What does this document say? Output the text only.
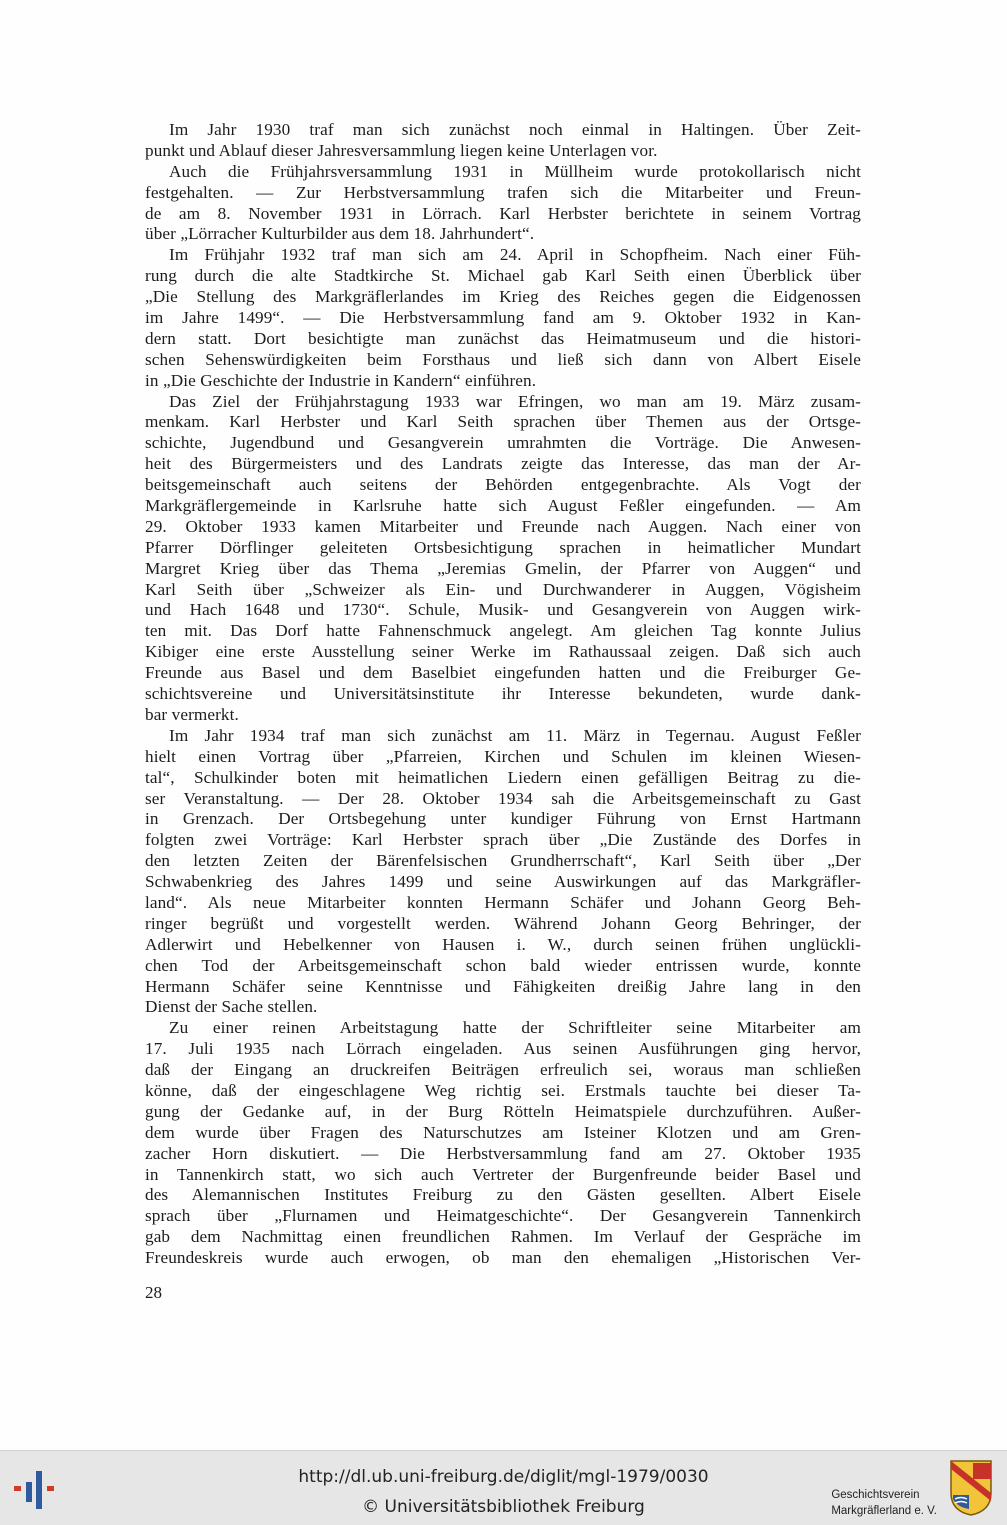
Im Jahr 1930 traf man sich zunächst noch einmal in Haltingen. Über Zeit-
punkt und Ablauf dieser Jahresversammlung liegen keine Unterlagen vor.
Auch die Frühjahrsversammlung 1931 in Müllheim wurde protokollarisch nicht
festgehalten. — Zur Herbstversammlung trafen sich die Mitarbeiter und Freun-
de am 8. November 1931 in Lörrach. Karl Herbster berichtete in seinem Vortrag
über „Lörracher Kulturbilder aus dem 18. Jahrhundert“.
Im Frühjahr 1932 traf man sich am 24. April in Schopfheim. Nach einer Füh-
rung durch die alte Stadtkirche St. Michael gab Karl Seith einen Überblick über
„Die Stellung des Markgräflerlandes im Krieg des Reiches gegen die Eidgenossen
im Jahre 1499“. — Die Herbstversammlung fand am 9. Oktober 1932 in Kan-
dern statt. Dort besichtigte man zunächst das Heimatmuseum und die histori-
schen Sehenswürdigkeiten beim Forsthaus und ließ sich dann von Albert Eisele
in „Die Geschichte der Industrie in Kandern“ einführen.
Das Ziel der Frühjahrstagung 1933 war Efringen, wo man am 19. März zusam-
menkam. Karl Herbster und Karl Seith sprachen über Themen aus der Ortsge-
schichte, Jugendbund und Gesangverein umrahmten die Vorträge. Die Anwesen-
heit des Bürgermeisters und des Landrats zeigte das Interesse, das man der Ar-
beitsgemeinschaft auch seitens der Behörden entgegenbrachte. Als Vogt der
Markgräflergemeinde in Karlsruhe hatte sich August Feßler eingefunden. — Am
29. Oktober 1933 kamen Mitarbeiter und Freunde nach Auggen. Nach einer von
Pfarrer Dörflinger geleiteten Ortsbesichtigung sprachen in heimatlicher Mundart
Margret Krieg über das Thema „Jeremias Gmelin, der Pfarrer von Auggen“ und
Karl Seith über „Schweizer als Ein- und Durchwanderer in Auggen, Vögisheim
und Hach 1648 und 1730“. Schule, Musik- und Gesangverein von Auggen wirk-
ten mit. Das Dorf hatte Fahnenschmuck angelegt. Am gleichen Tag konnte Julius
Kibiger eine erste Ausstellung seiner Werke im Rathaussaal zeigen. Daß sich auch
Freunde aus Basel und dem Baselbiet eingefunden hatten und die Freiburger Ge-
schichtsvereine und Universitätsinstitute ihr Interesse bekundeten, wurde dank-
bar vermerkt.
Im Jahr 1934 traf man sich zunächst am 11. März in Tegernau. August Feßler
hielt einen Vortrag über „Pfarreien, Kirchen und Schulen im kleinen Wiesen-
tal“, Schulkinder boten mit heimatlichen Liedern einen gefälligen Beitrag zu die-
ser Veranstaltung. — Der 28. Oktober 1934 sah die Arbeitsgemeinschaft zu Gast
in Grenzach. Der Ortsbegehung unter kundiger Führung von Ernst Hartmann
folgten zwei Vorträge: Karl Herbster sprach über „Die Zustände des Dorfes in
den letzten Zeiten der Bärenfelsischen Grundherrschaft“, Karl Seith über „Der
Schwabenkrieg des Jahres 1499 und seine Auswirkungen auf das Markgräfler-
land“. Als neue Mitarbeiter konnten Hermann Schäfer und Johann Georg Beh-
ringer begrüßt und vorgestellt werden. Während Johann Georg Behringer, der
Adlerwirt und Hebelkenner von Hausen i. W., durch seinen frühen unglückli-
chen Tod der Arbeitsgemeinschaft schon bald wieder entrissen wurde, konnte
Hermann Schäfer seine Kenntnisse und Fähigkeiten dreißig Jahre lang in den
Dienst der Sache stellen.
Zu einer reinen Arbeitstagung hatte der Schriftleiter seine Mitarbeiter am
17. Juli 1935 nach Lörrach eingeladen. Aus seinen Ausführungen ging hervor,
daß der Eingang an druckreifen Beiträgen erfreulich sei, woraus man schließen
könne, daß der eingeschlagene Weg richtig sei. Erstmals tauchte bei dieser Ta-
gung der Gedanke auf, in der Burg Rötteln Heimatspiele durchzuführen. Außer-
dem wurde über Fragen des Naturschutzes am Isteiner Klotzen und am Gren-
zacher Horn diskutiert. — Die Herbstversammlung fand am 27. Oktober 1935
in Tannenkirch statt, wo sich auch Vertreter der Burgenfreunde beider Basel und
des Alemannischen Institutes Freiburg zu den Gästen gesellten. Albert Eisele
sprach über „Flurnamen und Heimatgeschichte“. Der Gesangverein Tannenkirch
gab dem Nachmittag einen freundlichen Rahmen. Im Verlauf der Gespräche im
Freundeskreis wurde auch erwogen, ob man den ehemaligen „Historischen Ver-
28
http://dl.ub.uni-freiburg.de/diglit/mgl-1979/0030
© Universitätsbibliothek Freiburg
Geschichtsverein
Markgräflerland e. V.
